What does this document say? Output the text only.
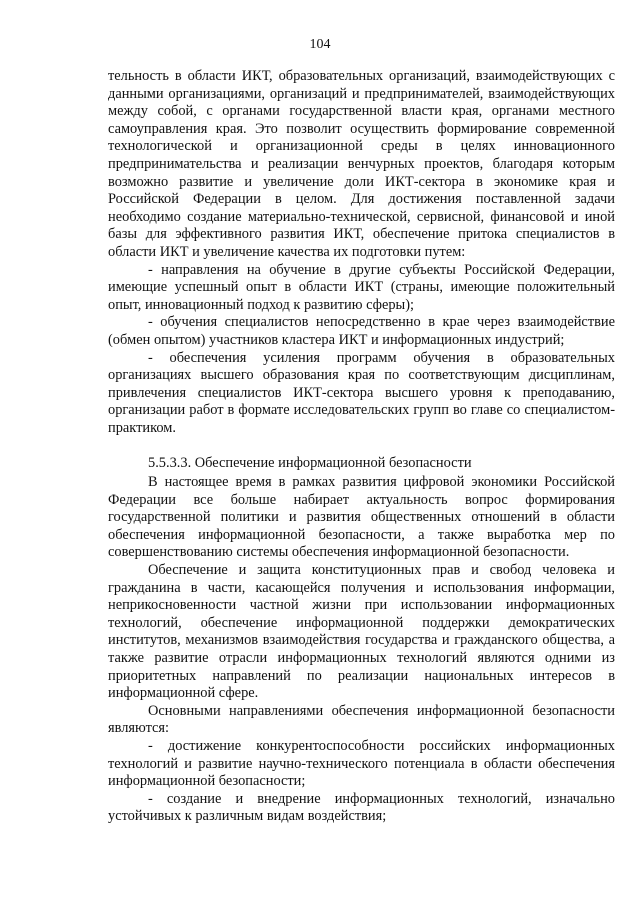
104

тельность в области ИКТ, образовательных организаций, взаимодействующих с данными организациями, организаций и предпринимателей, взаимодействующих между собой, с органами государственной власти края, органами местного самоуправления края. Это позволит осуществить формирование современной технологической и организационной среды в целях инновационного предпринимательства и реализации венчурных проектов, благодаря которым возможно развитие и увеличение доли ИКТ-сектора в экономике края и Российской Федерации в целом. Для достижения поставленной задачи необходимо создание материально-технической, сервисной, финансовой и иной базы для эффективного развития ИКТ, обеспечение притока специалистов в области ИКТ и увеличение качества их подготовки путем:

- направления на обучение в другие субъекты Российской Федерации, имеющие успешный опыт в области ИКТ (страны, имеющие положительный опыт, инновационный подход к развитию сферы);

- обучения специалистов непосредственно в крае через взаимодействие (обмен опытом) участников кластера ИКТ и информационных индустрий;

- обеспечения усиления программ обучения в образовательных организациях высшего образования края по соответствующим дисциплинам, привлечения специалистов ИКТ-сектора высшего уровня к преподаванию, организации работ в формате исследовательских групп во главе со специалистом-практиком.

5.5.3.3. Обеспечение информационной безопасности

В настоящее время в рамках развития цифровой экономики Российской Федерации все больше набирает актуальность вопрос формирования государственной политики и развития общественных отношений в области обеспечения информационной безопасности, а также выработка мер по совершенствованию системы обеспечения информационной безопасности.

Обеспечение и защита конституционных прав и свобод человека и гражданина в части, касающейся получения и использования информации, неприкосновенности частной жизни при использовании информационных технологий, обеспечение информационной поддержки демократических институтов, механизмов взаимодействия государства и гражданского общества, а также развитие отрасли информационных технологий являются одними из приоритетных направлений по реализации национальных интересов в информационной сфере.

Основными направлениями обеспечения информационной безопасности являются:

- достижение конкурентоспособности российских информационных технологий и развитие научно-технического потенциала в области обеспечения информационной безопасности;

- создание и внедрение информационных технологий, изначально устойчивых к различным видам воздействия;
